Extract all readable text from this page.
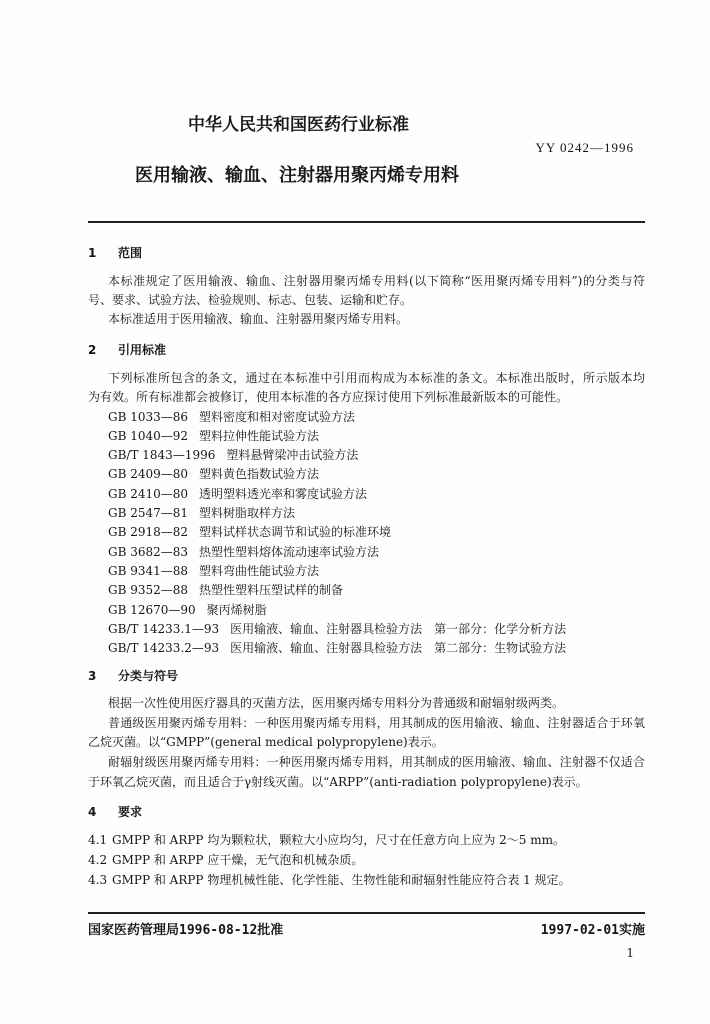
中华人民共和国医药行业标准
YY 0242—1996
医用输液、输血、注射器用聚丙烯专用料
1 范围
本标准规定了医用输液、输血、注射器用聚丙烯专用料(以下简称“医用聚丙烯专用料”)的分类与符
号、要求、试验方法、检验规则、标志、包装、运输和贮存。
本标准适用于医用输液、输血、注射器用聚丙烯专用料。
2 引用标准
下列标准所包含的条文，通过在本标准中引用而构成为本标准的条文。本标准出版时，所示版本均
为有效。所有标准都会被修订，使用本标准的各方应探讨使用下列标准最新版本的可能性。
GB 1033—86 塑料密度和相对密度试验方法
GB 1040—92 塑料拉伸性能试验方法
GB/T 1843—1996 塑料悬臂梁冲击试验方法
GB 2409—80 塑料黄色指数试验方法
GB 2410—80 透明塑料透光率和雾度试验方法
GB 2547—81 塑料树脂取样方法
GB 2918—82 塑料试样状态调节和试验的标准环境
GB 3682—83 热塑性塑料熔体流动速率试验方法
GB 9341—88 塑料弯曲性能试验方法
GB 9352—88 热塑性塑料压塑试样的制备
GB 12670—90 聚丙烯树脂
GB/T 14233.1—93 医用输液、输血、注射器具检验方法　第一部分：化学分析方法
GB/T 14233.2—93 医用输液、输血、注射器具检验方法　第二部分：生物试验方法
3 分类与符号
根据一次性使用医疗器具的灭菌方法，医用聚丙烯专用料分为普通级和耐辐射级两类。
普通级医用聚丙烯专用料：一种医用聚丙烯专用料，用其制成的医用输液、输血、注射器适合于环氧
乙烷灭菌。以“GMPP”(general medical polypropylene)表示。
耐辐射级医用聚丙烯专用料：一种医用聚丙烯专用料，用其制成的医用输液、输血、注射器不仅适合
于环氧乙烷灭菌，而且适合于γ射线灭菌。以“ARPP”(anti-radiation polypropylene)表示。
4 要求
4.1 GMPP 和 ARPP 均为颗粒状，颗粒大小应均匀，尺寸在任意方向上应为 2～5 mm。
4.2 GMPP 和 ARPP 应干燥，无气泡和机械杂质。
4.3 GMPP 和 ARPP 物理机械性能、化学性能、生物性能和耐辐射性能应符合表 1 规定。
国家医药管理局1996-08-12批准	1997-02-01实施
1
